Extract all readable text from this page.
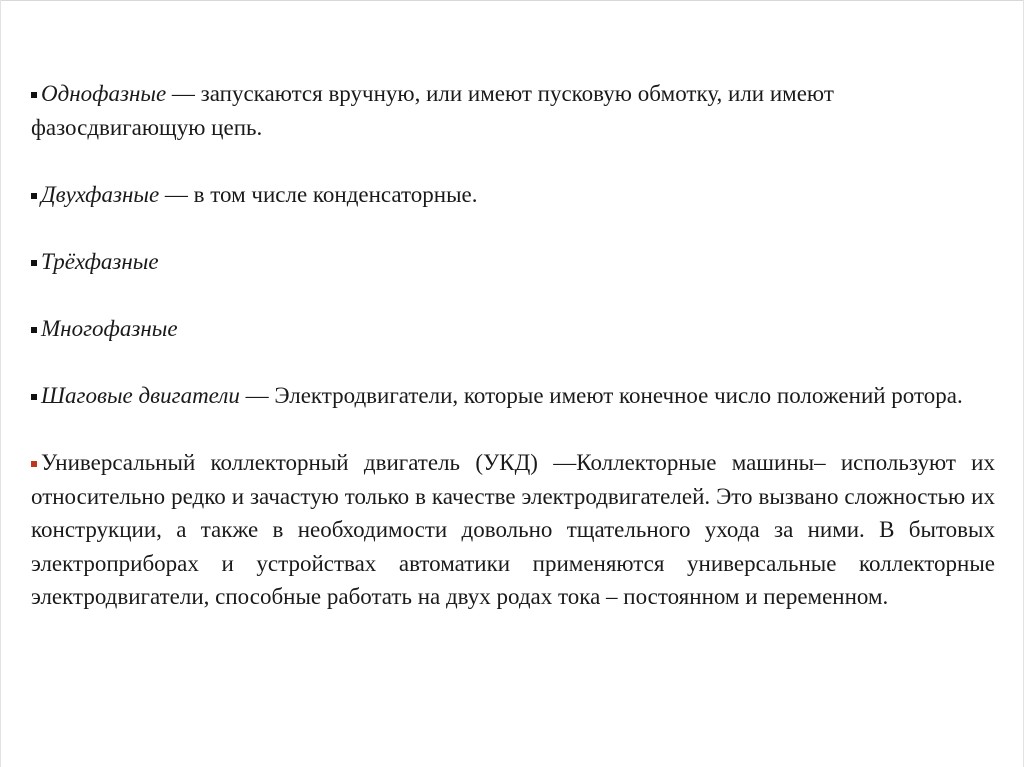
Однофазные — запускаются вручную, или имеют пусковую обмотку, или имеют фазосдвигающую цепь.

Двухфазные — в том числе конденсаторные.

Трёхфазные

Многофазные

Шаговые двигатели — Электродвигатели, которые имеют конечное число положений ротора.

Универсальный коллекторный двигатель (УКД) —Коллекторные машины– используют их относительно редко и зачастую только в качестве электродвигателей. Это вызвано сложностью их конструкции, а также в необходимости довольно тщательного ухода за ними. В бытовых электроприборах и устройствах автоматики применяются универсальные коллекторные электродвигатели, способные работать на двух родах тока – постоянном и переменном.
